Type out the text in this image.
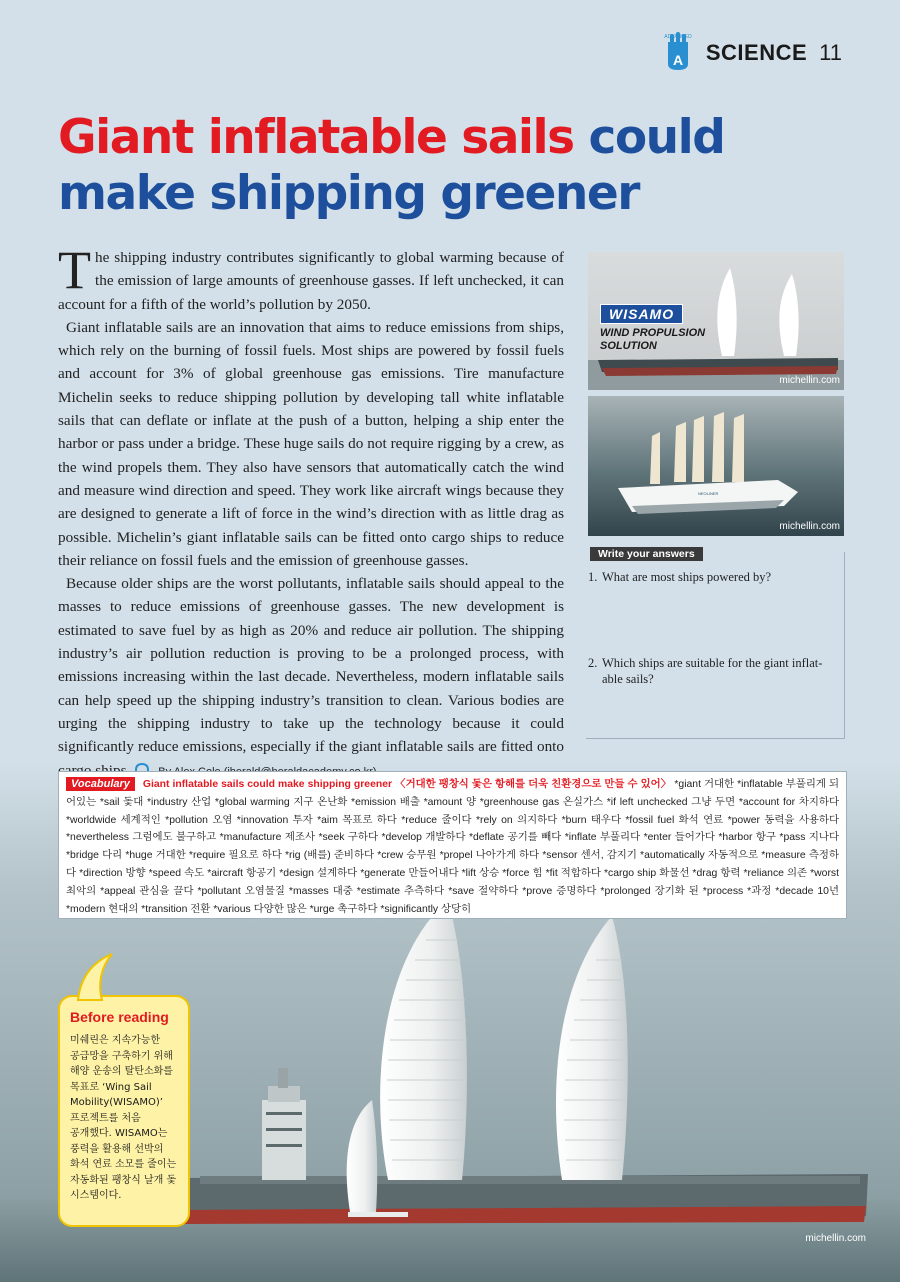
A
ADVANCED
SCIENCE 11
Giant inflatable sails could make shipping greener

The shipping industry contributes significantly to global warming because of the emission of large amounts of greenhouse gasses. If left unchecked, it can account for a fifth of the world’s pollution by 2050.

Giant inflatable sails are an innovation that aims to reduce emissions from ships, which rely on the burning of fossil fuels. Most ships are powered by fossil fuels and account for 3% of global greenhouse gas emissions. Tire manufacture Michelin seeks to reduce shipping pollution by developing tall white inflatable sails that can deflate or inflate at the push of a button, helping a ship enter the harbor or pass under a bridge. These huge sails do not require rigging by a crew, as the wind propels them. They also have sensors that automatically catch the wind and measure wind direction and speed. They work like aircraft wings because they are designed to generate a lift of force in the wind’s direction with as little drag as possible. Michelin’s giant inflatable sails can be fitted onto cargo ships to reduce their reliance on fossil fuels and the emission of greenhouse gasses.

Because older ships are the worst pollutants, inflatable sails should appeal to the masses to reduce emissions of greenhouse gasses. The new development is estimated to save fuel by as high as 20% and reduce air pollution. The shipping industry’s air pollution reduction is proving to be a prolonged process, with emissions increasing within the last decade. Nevertheless, modern inflatable sails can help speed up the shipping industry’s transition to clean. Various bodies are urging the shipping industry to take up the technology because it could significantly reduce emissions, especially if the giant inflatable sails are fitted onto

WISAMO
WIND PROPULSION
SOLUTION
michellin.com
NEOLINER
michellin.com
Write your answers
1. What are most ships powered by?
2. Which ships are suitable for the giant inflat-
able sails?
Vocabulary Giant inflatable sails could make shipping greener 〈거대한 팽창식 돛은 항해를 더욱 친환경으로 만들 수 있어〉 *giant 거대한 *inflatable 부풀리게 되어있는 *sail 돛대 *industry 산업 *global warming 지구 온난화 *emission 배출 *amount 양 *greenhouse gas 온실가스 *if left unchecked 그냥 두면 *account for 차지하다 *worldwide 세계적인 *pollution 오염 *innovation 투자 *aim 목표로 하다 *reduce 줄이다 *rely on 의지하다 *burn 태우다 *fossil fuel 화석 연료 *power 동력을 사용하다 *nevertheless 그럼에도 불구하고 *manufacture 제조사 *seek 구하다 *develop 개발하다 *deflate 공기를 빼다 *inflate 부풀리다 *enter 들어가다 *harbor 항구 *pass 지나다 *bridge 다리 *huge 거대한 *require 필요로 하다 *rig (배를) 준비하다 *crew 승무원 *propel 나아가게 하다 *sensor 센서, 감지기 *automatically 자동적으로 *measure 측정하다 *direction 방향 *speed 속도 *aircraft 항공기 *design 설계하다 *generate 만들어내다 *lift 상승 *force 힘 *fit 적합하다 *cargo ship 화물선 *drag 항력 *reliance 의존 *worst 최악의 *appeal 관심을 끌다 *pollutant 오염물질 *masses 대중 *estimate 추측하다 *save 절약하다 *prove 증명하다 *prolonged 장기화 된 *process *과정 *decade 10년 *modern 현대의 *transition 전환 *various 다양한 많은 *urge 촉구하다 *significantly 상당히
Before reading
미쉐린은 지속가능한
공급망을 구축하기 위해
해양 운송의 탈탄소화를
목표로 ‘Wing Sail
Mobility(WISAMO)’
프로젝트를 처음
공개했다. WISAMO는
풍력을 활용해 선박의
화석 연료 소모를 줄이는
자동화된 팽창식 날개 돛
시스템이다.
michellin.com
